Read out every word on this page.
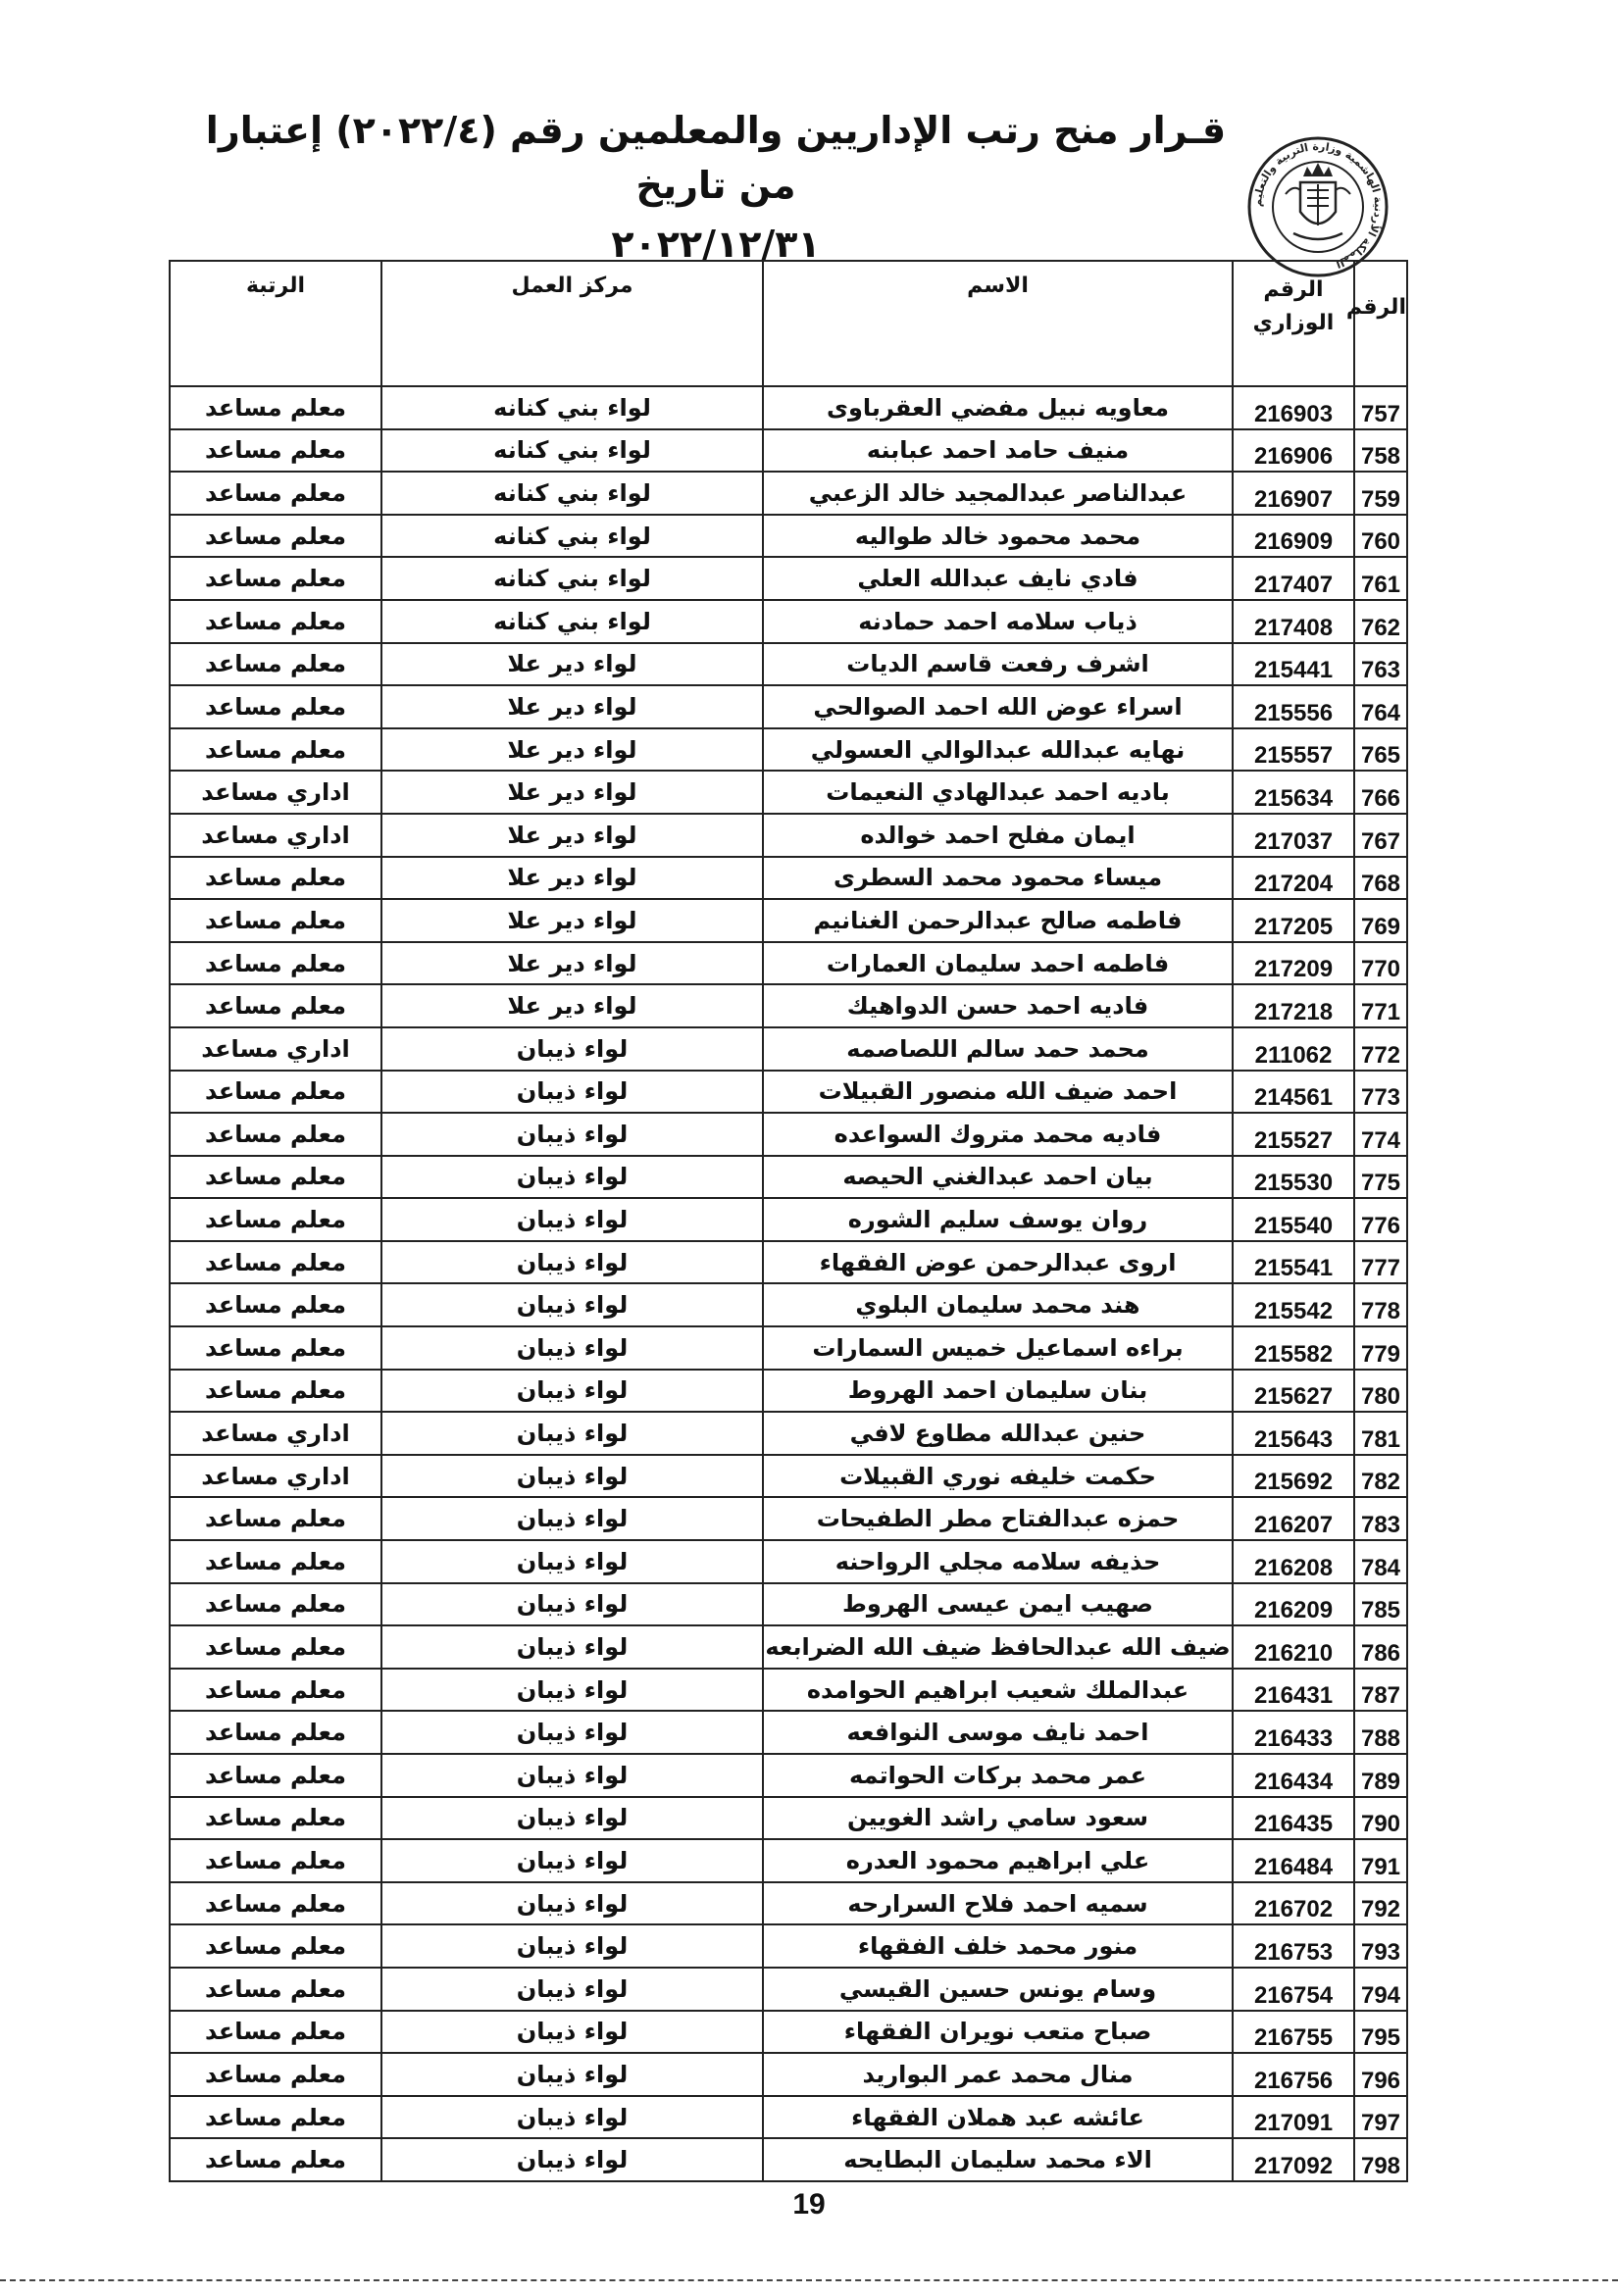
المملكة الأردنية الهاشمية وزارة التربية والتعليم
قـرار منح رتب الإداريين والمعلمين رقم (٢٠٢٢/٤) إعتبارا من تاريخ
٢٠٢٢/١٢/٣١
الرقم	الرقم الوزاري	الاسم	مركز العمل	الرتبة
757	216903	معاويه نبيل مفضي العقرباوى	لواء بني كنانه	معلم مساعد
758	216906	منيف حامد احمد عبابنه	لواء بني كنانه	معلم مساعد
759	216907	عبدالناصر عبدالمجيد خالد الزعبي	لواء بني كنانه	معلم مساعد
760	216909	محمد محمود خالد طواليه	لواء بني كنانه	معلم مساعد
761	217407	فادي نايف عبدالله العلي	لواء بني كنانه	معلم مساعد
762	217408	ذياب سلامه احمد حمادنه	لواء بني كنانه	معلم مساعد
763	215441	اشرف رفعت قاسم الديات	لواء دير علا	معلم مساعد
764	215556	اسراء عوض الله احمد الصوالحي	لواء دير علا	معلم مساعد
765	215557	نهايه عبدالله عبدالوالي العسولي	لواء دير علا	معلم مساعد
766	215634	باديه احمد عبدالهادي النعيمات	لواء دير علا	اداري مساعد
767	217037	ايمان مفلح احمد خوالده	لواء دير علا	اداري مساعد
768	217204	ميساء محمود محمد السطرى	لواء دير علا	معلم مساعد
769	217205	فاطمه صالح عبدالرحمن الغنانيم	لواء دير علا	معلم مساعد
770	217209	فاطمه احمد سليمان العمارات	لواء دير علا	معلم مساعد
771	217218	فاديه احمد حسن الدواهيك	لواء دير علا	معلم مساعد
772	211062	محمد حمد سالم اللصاصمه	لواء ذيبان	اداري مساعد
773	214561	احمد ضيف الله منصور القبيلات	لواء ذيبان	معلم مساعد
774	215527	فاديه محمد متروك السواعده	لواء ذيبان	معلم مساعد
775	215530	بيان احمد عبدالغني الحيصه	لواء ذيبان	معلم مساعد
776	215540	روان يوسف سليم الشوره	لواء ذيبان	معلم مساعد
777	215541	اروى عبدالرحمن عوض الفقهاء	لواء ذيبان	معلم مساعد
778	215542	هند محمد سليمان البلوي	لواء ذيبان	معلم مساعد
779	215582	براءه اسماعيل خميس السمارات	لواء ذيبان	معلم مساعد
780	215627	بنان سليمان احمد الهروط	لواء ذيبان	معلم مساعد
781	215643	حنين عبدالله مطاوع لافي	لواء ذيبان	اداري مساعد
782	215692	حكمت خليفه نوري القبيلات	لواء ذيبان	اداري مساعد
783	216207	حمزه عبدالفتاح مطر الطفيحات	لواء ذيبان	معلم مساعد
784	216208	حذيفه سلامه مجلي الرواحنه	لواء ذيبان	معلم مساعد
785	216209	صهيب ايمن عيسى الهروط	لواء ذيبان	معلم مساعد
786	216210	ضيف الله عبدالحافظ ضيف الله الضرابعه	لواء ذيبان	معلم مساعد
787	216431	عبدالملك شعيب ابراهيم الحوامده	لواء ذيبان	معلم مساعد
788	216433	احمد نايف موسى النوافعه	لواء ذيبان	معلم مساعد
789	216434	عمر محمد بركات الحواتمه	لواء ذيبان	معلم مساعد
790	216435	سعود سامي راشد الغويين	لواء ذيبان	معلم مساعد
791	216484	علي ابراهيم محمود العدره	لواء ذيبان	معلم مساعد
792	216702	سميه احمد فلاح السرارحه	لواء ذيبان	معلم مساعد
793	216753	منور محمد خلف الفقهاء	لواء ذيبان	معلم مساعد
794	216754	وسام يونس حسين القيسي	لواء ذيبان	معلم مساعد
795	216755	صباح متعب نويران الفقهاء	لواء ذيبان	معلم مساعد
796	216756	منال محمد عمر البواريد	لواء ذيبان	معلم مساعد
797	217091	عائشه عبد هملان الفقهاء	لواء ذيبان	معلم مساعد
798	217092	الاء محمد سليمان البطايحه	لواء ذيبان	معلم مساعد
19
